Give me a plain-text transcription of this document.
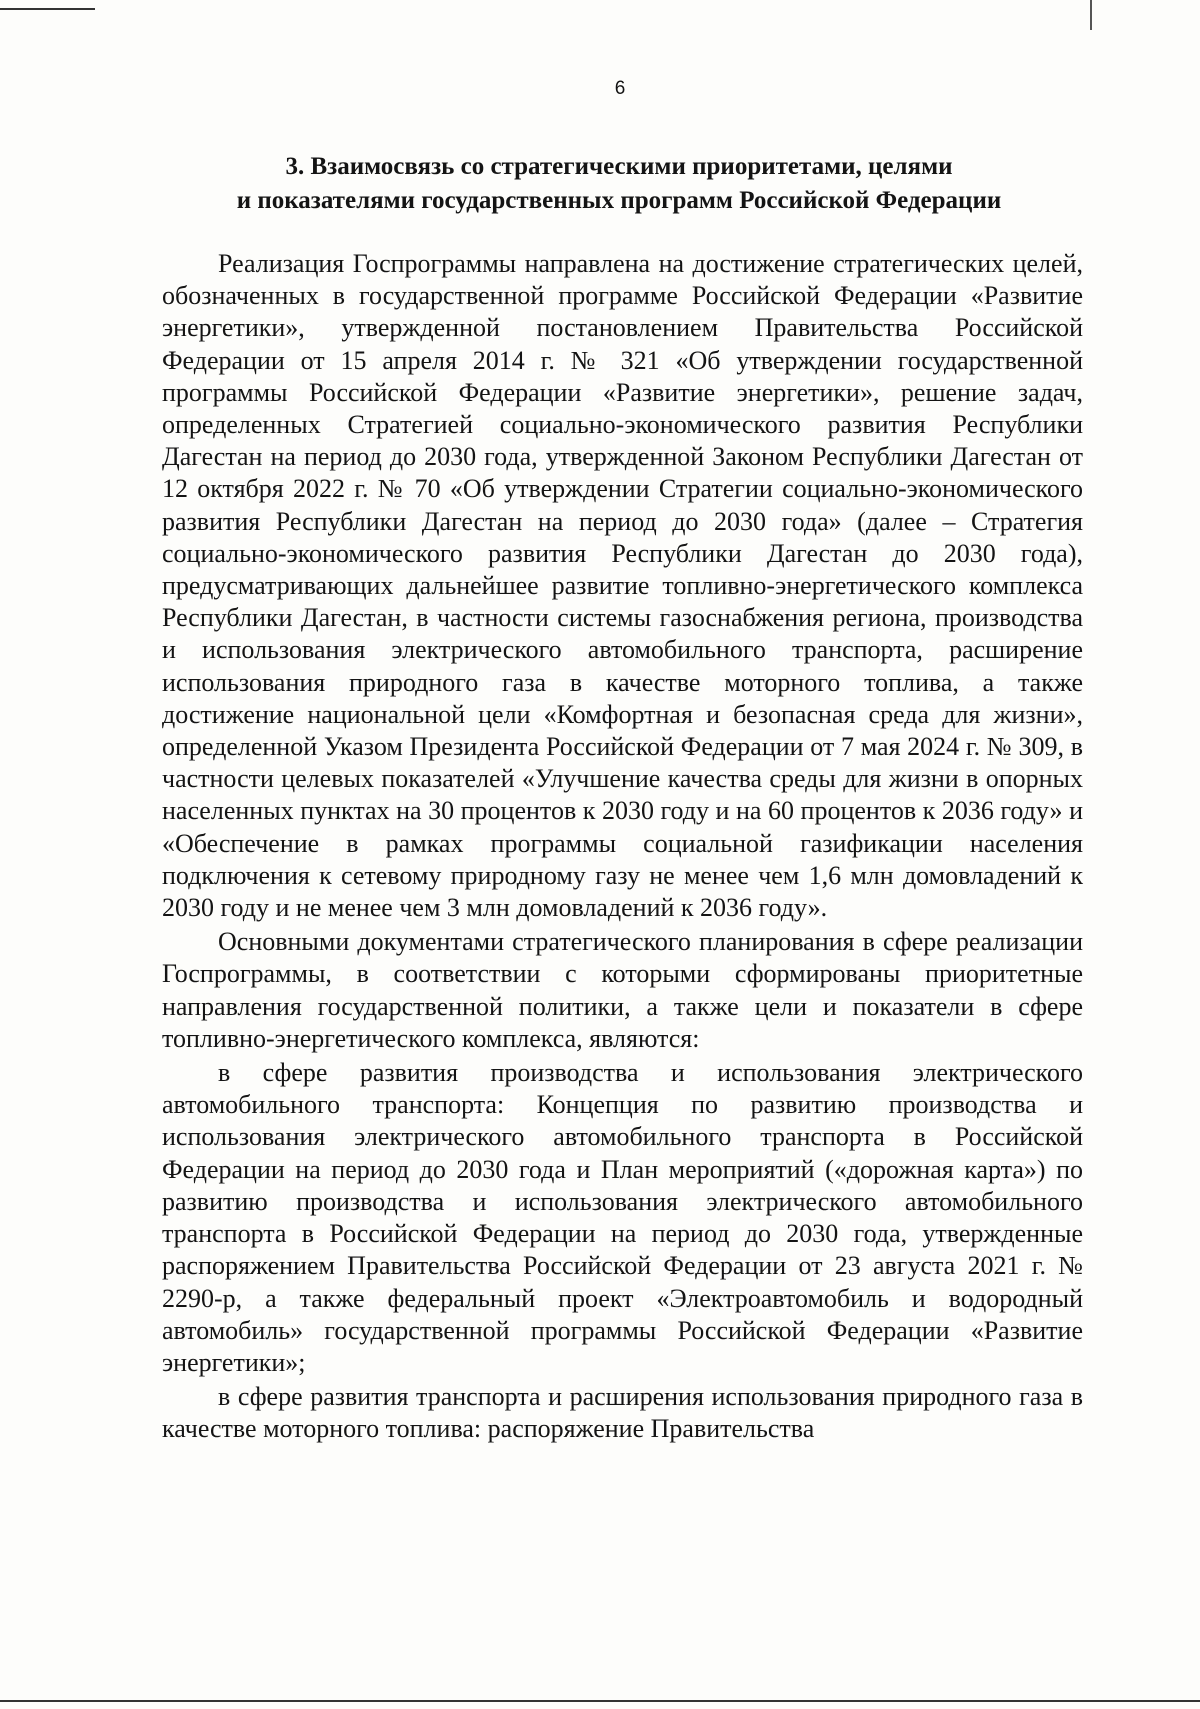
6
3. Взаимосвязь со стратегическими приоритетами, целями
и показателями государственных программ Российской Федерации

Реализация Госпрограммы направлена на достижение стратегических целей, обозначенных в государственной программе Российской Федерации «Развитие энергетики», утвержденной постановлением Правительства Российской Федерации от 15 апреля 2014 г. № 321 «Об утверждении государственной программы Российской Федерации «Развитие энергетики», решение задач, определенных Стратегией социально-экономического развития Республики Дагестан на период до 2030 года, утвержденной Законом Республики Дагестан от 12 октября 2022 г. № 70 «Об утверждении Стратегии социально-экономического развития Республики Дагестан на период до 2030 года» (далее – Стратегия социально-экономического развития Республики Дагестан до 2030 года), предусматривающих дальнейшее развитие топливно-энергетического комплекса Республики Дагестан, в частности системы газоснабжения региона, производства и использования электрического автомобильного транспорта, расширение использования природного газа в качестве моторного топлива, а также достижение национальной цели «Комфортная и безопасная среда для жизни», определенной Указом Президента Российской Федерации от 7 мая 2024 г. № 309, в частности целевых показателей «Улучшение качества среды для жизни в опорных населенных пунктах на 30 процентов к 2030 году и на 60 процентов к 2036 году» и «Обеспечение в рамках программы социальной газификации населения подключения к сетевому природному газу не менее чем 1,6 млн домовладений к 2030 году и не менее чем 3 млн домовладений к 2036 году».

Основными документами стратегического планирования в сфере реализации Госпрограммы, в соответствии с которыми сформированы приоритетные направления государственной политики, а также цели и показатели в сфере топливно-энергетического комплекса, являются:

в сфере развития производства и использования электрического автомобильного транспорта: Концепция по развитию производства и использования электрического автомобильного транспорта в Российской Федерации на период до 2030 года и План мероприятий («дорожная карта») по развитию производства и использования электрического автомобильного транспорта в Российской Федерации на период до 2030 года, утвержденные распоряжением Правительства Российской Федерации от 23 августа 2021 г. № 2290-р, а также федеральный проект «Электроавтомобиль и водородный автомобиль» государственной программы Российской Федерации «Развитие энергетики»;

в сфере развития транспорта и расширения использования природного газа в качестве моторного топлива: распоряжение Правительства
